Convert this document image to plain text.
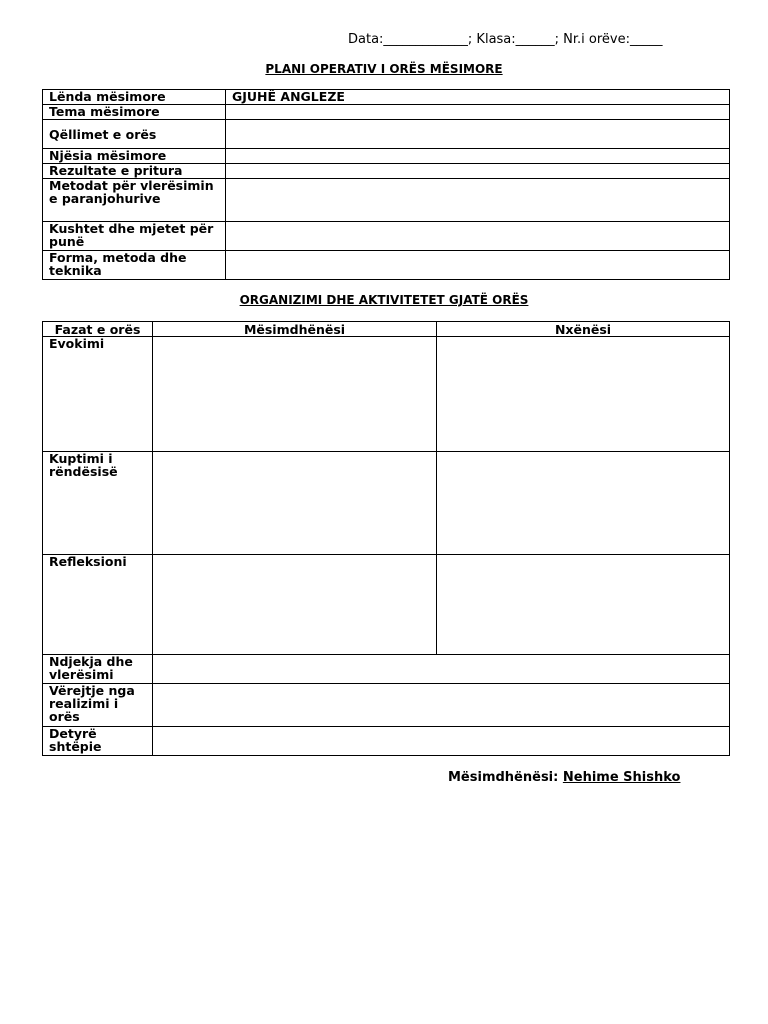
Data:_____________; Klasa:______; Nr.i orëve:_____
PLANI OPERATIV I ORËS MËSIMORE
Lënda mësimore	GJUHË ANGLEZE
Tema mësimore	
Qëllimet e orës	
Njësia mësimore	
Rezultate e pritura	
Metodat për vlerësimin e paranjohurive	
Kushtet dhe mjetet për punë	
Forma, metoda dhe teknika	
ORGANIZIMI DHE AKTIVITETET GJATË ORËS
Fazat e orës	Mësimdhënësi	Nxënësi
Evokimi		
Kuptimi i rëndësisë		
Refleksioni		
Ndjekja dhe vlerësimi		
Vërejtje nga realizimi i orës		
Detyrë shtëpie		
Mësimdhënësi: Nehime Shishko
